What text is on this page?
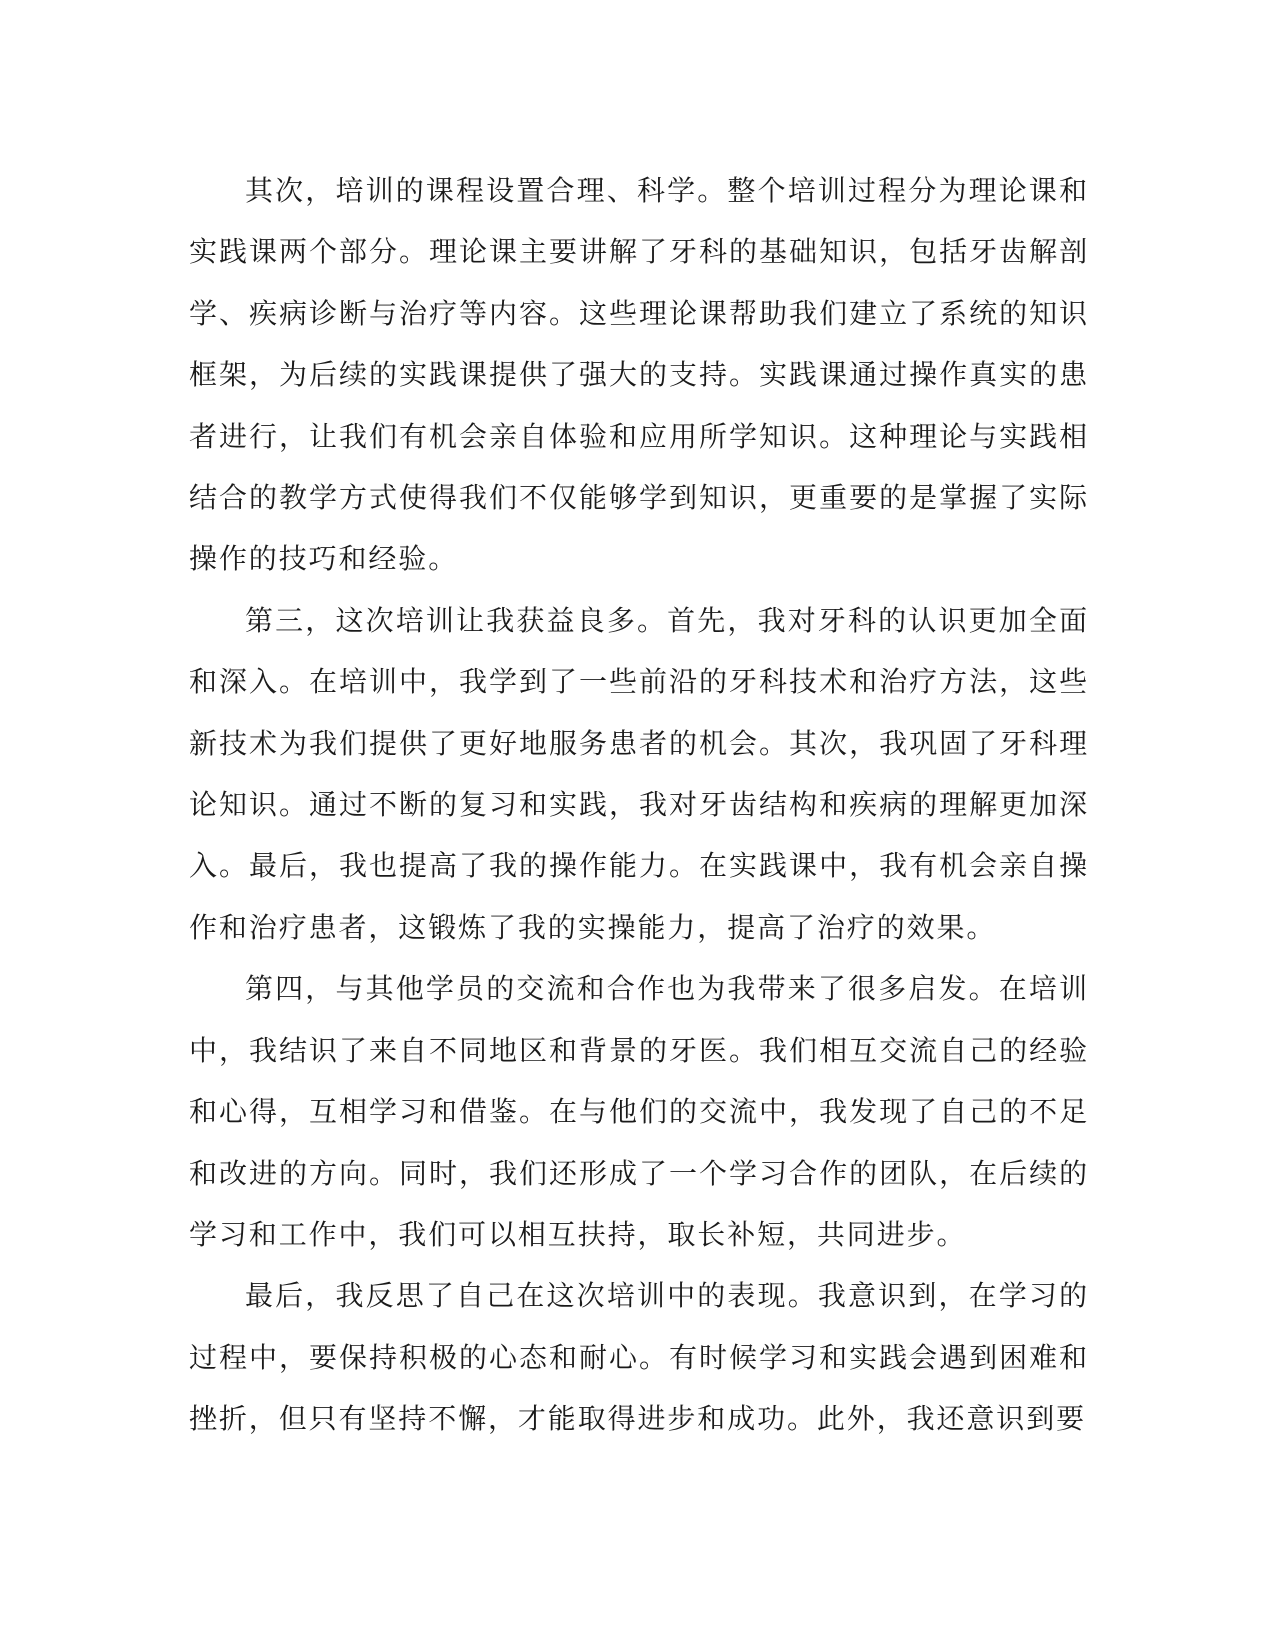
其次，培训的课程设置合理、科学。整个培训过程分为理论课和实践课两个部分。理论课主要讲解了牙科的基础知识，包括牙齿解剖学、疾病诊断与治疗等内容。这些理论课帮助我们建立了系统的知识框架，为后续的实践课提供了强大的支持。实践课通过操作真实的患者进行，让我们有机会亲自体验和应用所学知识。这种理论与实践相结合的教学方式使得我们不仅能够学到知识，更重要的是掌握了实际操作的技巧和经验。

第三，这次培训让我获益良多。首先，我对牙科的认识更加全面和深入。在培训中，我学到了一些前沿的牙科技术和治疗方法，这些新技术为我们提供了更好地服务患者的机会。其次，我巩固了牙科理论知识。通过不断的复习和实践，我对牙齿结构和疾病的理解更加深入。最后，我也提高了我的操作能力。在实践课中，我有机会亲自操作和治疗患者，这锻炼了我的实操能力，提高了治疗的效果。

第四，与其他学员的交流和合作也为我带来了很多启发。在培训中，我结识了来自不同地区和背景的牙医。我们相互交流自己的经验和心得，互相学习和借鉴。在与他们的交流中，我发现了自己的不足和改进的方向。同时，我们还形成了一个学习合作的团队，在后续的学习和工作中，我们可以相互扶持，取长补短，共同进步。

最后，我反思了自己在这次培训中的表现。我意识到，在学习的过程中，要保持积极的心态和耐心。有时候学习和实践会遇到困难和挫折，但只有坚持不懈，才能取得进步和成功。此外，我还意识到要
